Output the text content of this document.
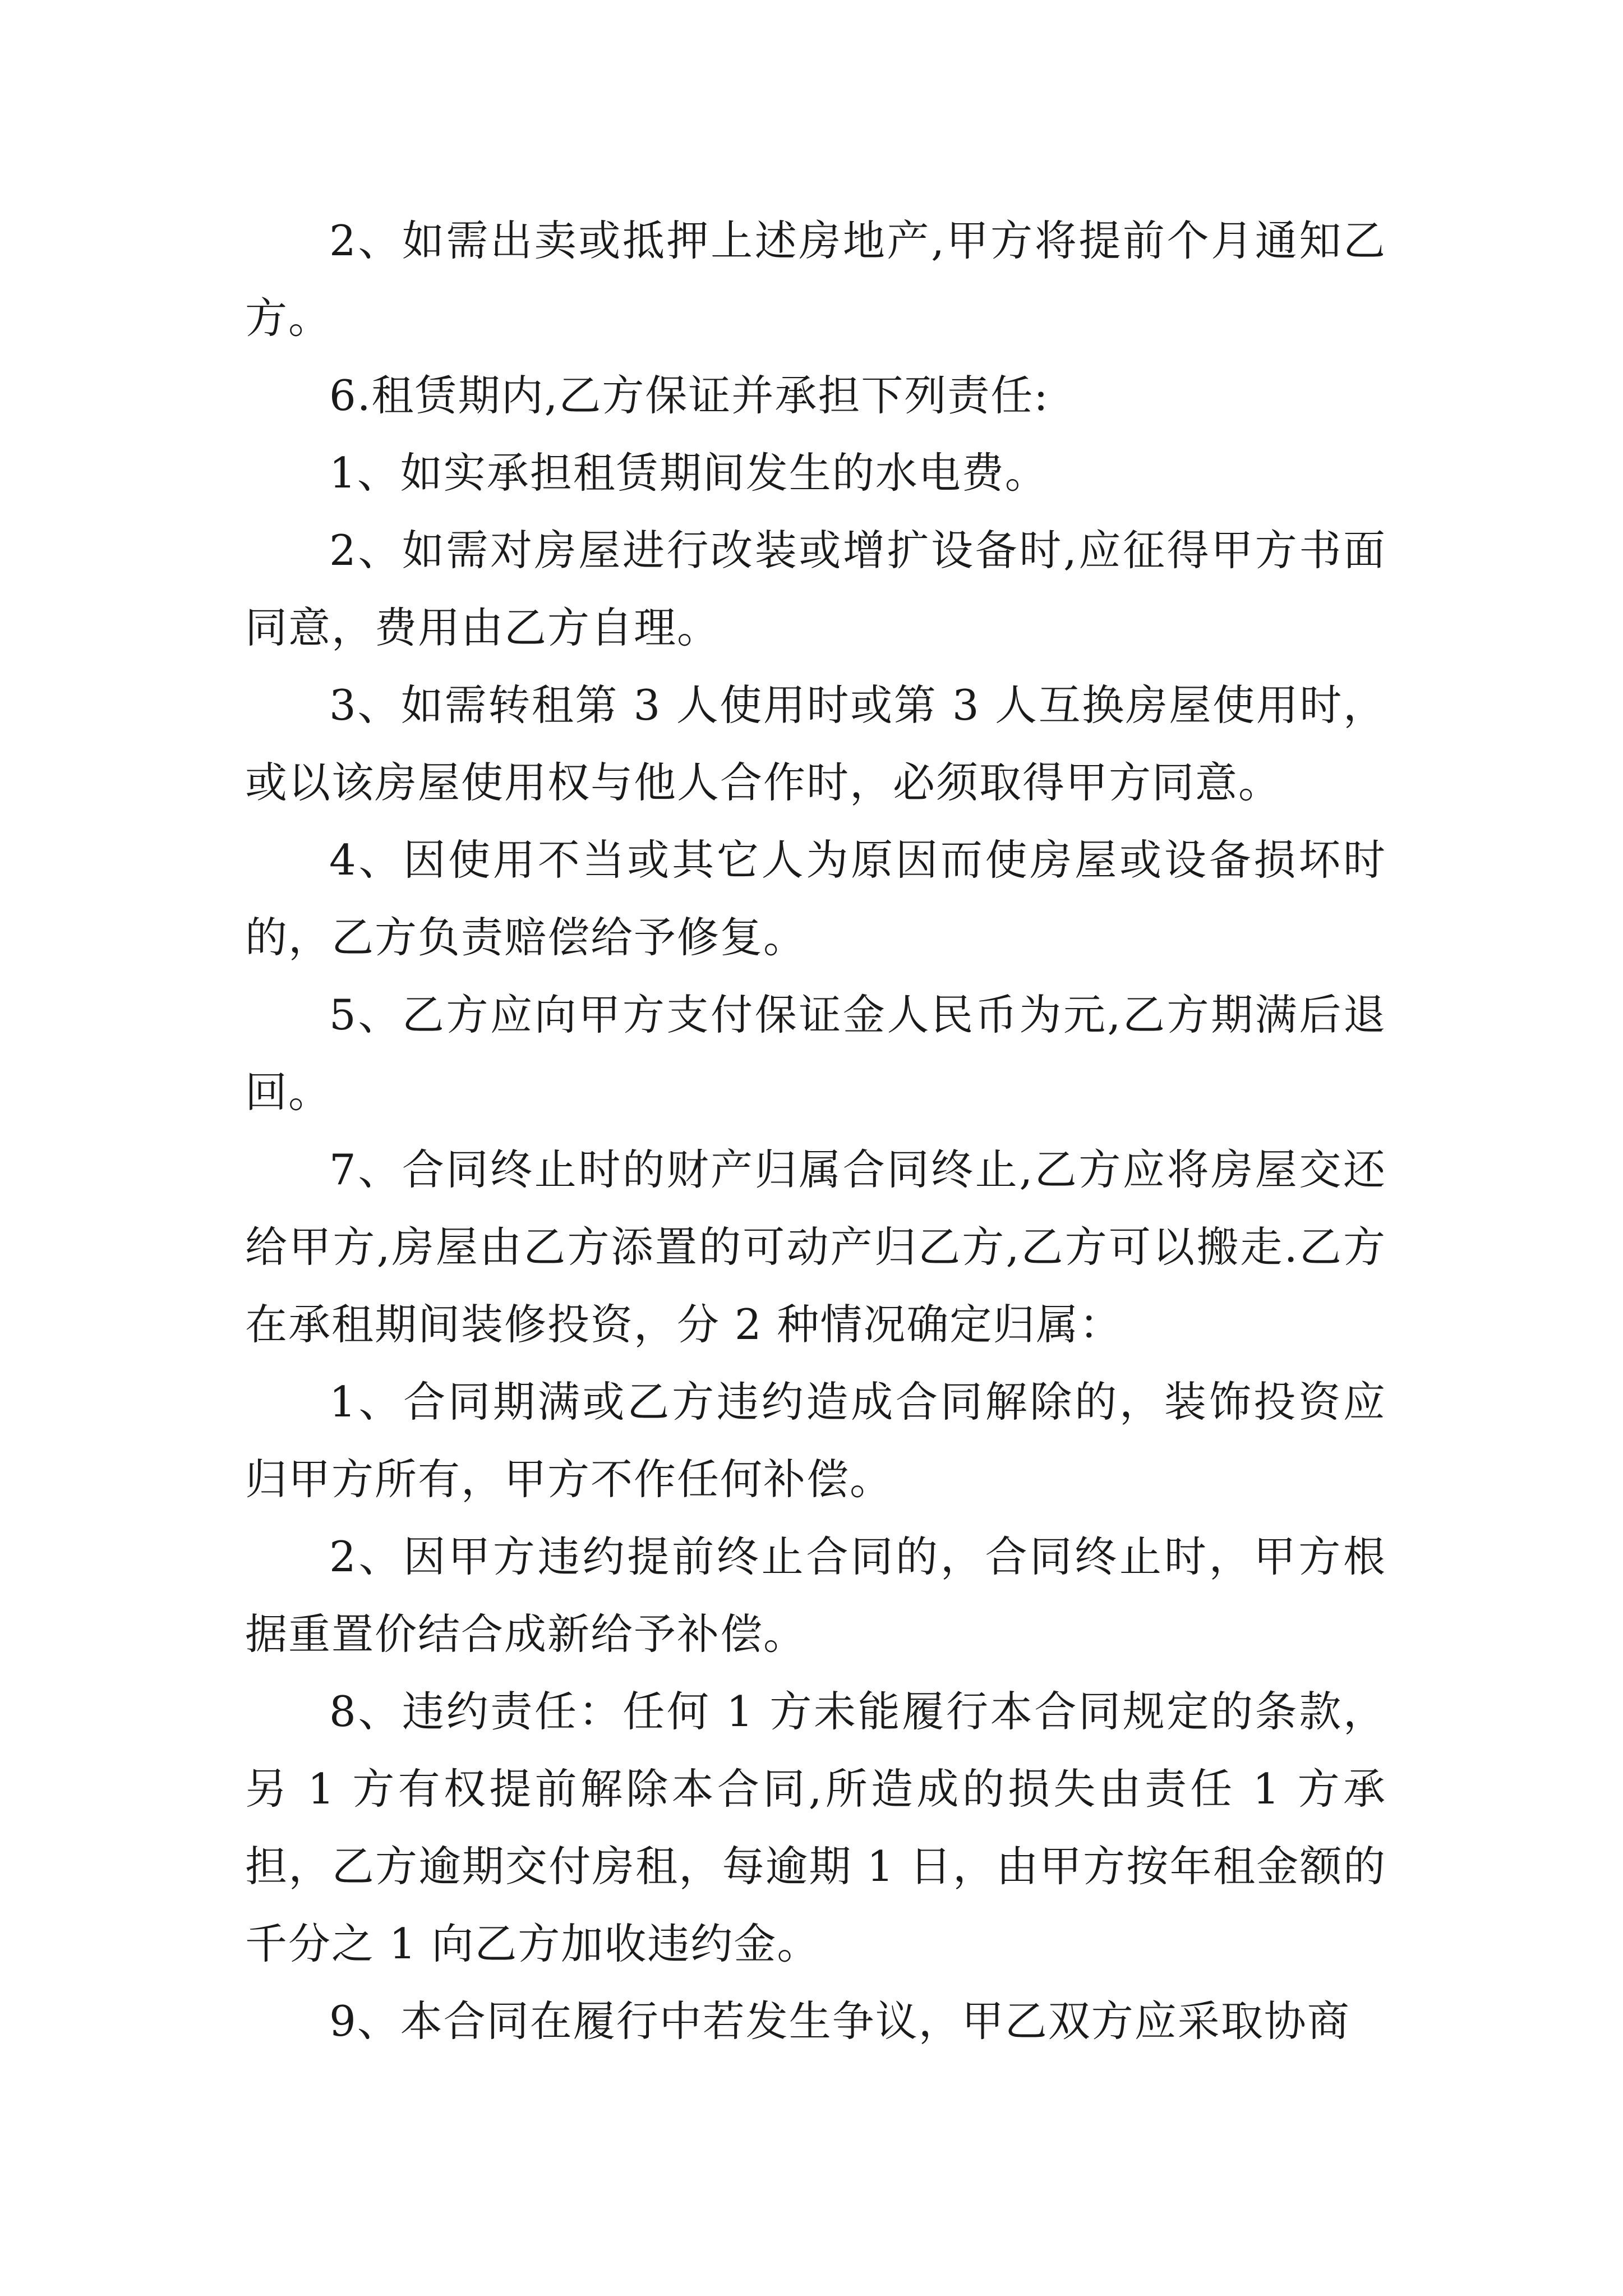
2、如需出卖或抵押上述房地产,甲方将提前个月通知乙方。

6.租赁期内,乙方保证并承担下列责任:

1、如实承担租赁期间发生的水电费。

2、如需对房屋进行改装或增扩设备时,应征得甲方书面同意，费用由乙方自理。

3、如需转租第 3 人使用时或第 3 人互换房屋使用时，或以该房屋使用权与他人合作时，必须取得甲方同意。

4、因使用不当或其它人为原因而使房屋或设备损坏时的，乙方负责赔偿给予修复。

5、乙方应向甲方支付保证金人民币为元,乙方期满后退回。

7、合同终止时的财产归属合同终止,乙方应将房屋交还给甲方,房屋由乙方添置的可动产归乙方,乙方可以搬走.乙方在承租期间装修投资，分 2 种情况确定归属：

1、合同期满或乙方违约造成合同解除的，装饰投资应归甲方所有，甲方不作任何补偿。

2、因甲方违约提前终止合同的，合同终止时，甲方根据重置价结合成新给予补偿。

8、违约责任：任何 1 方未能履行本合同规定的条款，另 1 方有权提前解除本合同,所造成的损失由责任 1 方承担，乙方逾期交付房租，每逾期 1 日，由甲方按年租金额的千分之 1 向乙方加收违约金。

9、本合同在履行中若发生争议，甲乙双方应采取协商
